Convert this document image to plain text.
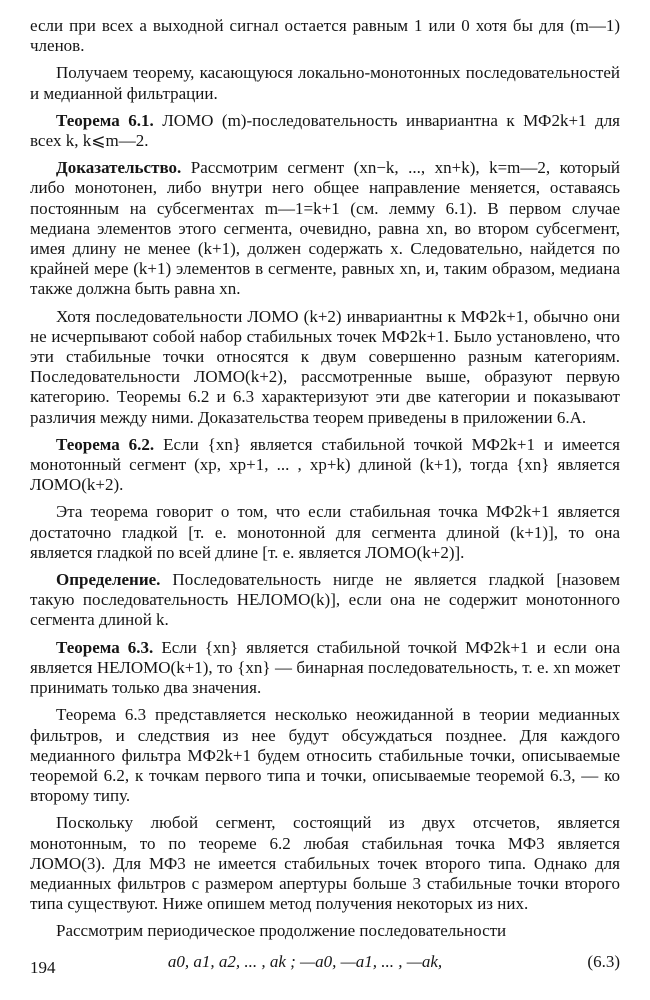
если при всех a выходной сигнал остается равным 1 или 0 хотя бы для (m—1) членов.

Получаем теорему, касающуюся локально-монотонных последовательностей и медианной фильтрации.

Теорема 6.1. ЛОМО (m)-последовательность инвариантна к МФ2k+1 для всех k, k⩽m—2.

Доказательство. Рассмотрим сегмент (xn−k, ..., xn+k), k=m—2, который либо монотонен, либо внутри него общее направление меняется, оставаясь постоянным на субсегментах m—1=k+1 (см. лемму 6.1). В первом случае медиана элементов этого сегмента, очевидно, равна xn, во втором субсегмент, имея длину не менее (k+1), должен содержать x. Следовательно, найдется по крайней мере (k+1) элементов в сегменте, равных xn, и, таким образом, медиана также должна быть равна xn.

Хотя последовательности ЛОМО (k+2) инвариантны к МФ2k+1, обычно они не исчерпывают собой набор стабильных точек МФ2k+1. Было установлено, что эти стабильные точки относятся к двум совершенно разным категориям. Последовательности ЛОМО(k+2), рассмотренные выше, образуют первую категорию. Теоремы 6.2 и 6.3 характеризуют эти две категории и показывают различия между ними. Доказательства теорем приведены в приложении 6.А.

Теорема 6.2. Если {xn} является стабильной точкой МФ2k+1 и имеется монотонный сегмент (xp, xp+1, ... , xp+k) длиной (k+1), тогда {xn} является ЛОМО(k+2).

Эта теорема говорит о том, что если стабильная точка МФ2k+1 является достаточно гладкой [т. е. монотонной для сегмента длиной (k+1)], то она является гладкой по всей длине [т. е. является ЛОМО(k+2)].

Определение. Последовательность нигде не является гладкой [назовем такую последовательность НЕЛОМО(k)], если она не содержит монотонного сегмента длиной k.

Теорема 6.3. Если {xn} является стабильной точкой МФ2k+1 и если она является НЕЛОМО(k+1), то {xn} — бинарная последовательность, т. е. xn может принимать только два значения.

Теорема 6.3 представляется несколько неожиданной в теории медианных фильтров, и следствия из нее будут обсуждаться позднее. Для каждого медианного фильтра МФ2k+1 будем относить стабильные точки, описываемые теоремой 6.2, к точкам первого типа и точки, описываемые теоремой 6.3, — ко второму типу.

Поскольку любой сегмент, состоящий из двух отсчетов, является монотонным, то по теореме 6.2 любая стабильная точка МФ3 является ЛОМО(3). Для МФ3 не имеется стабильных точек второго типа. Однако для медианных фильтров с размером апертуры больше 3 стабильные точки второго типа существуют. Ниже опишем метод получения некоторых из них.

Рассмотрим периодическое продолжение последовательности

a0, a1, a2, ... , ak ; —a0, —a1, ... , —ak,	(6.3)
194
